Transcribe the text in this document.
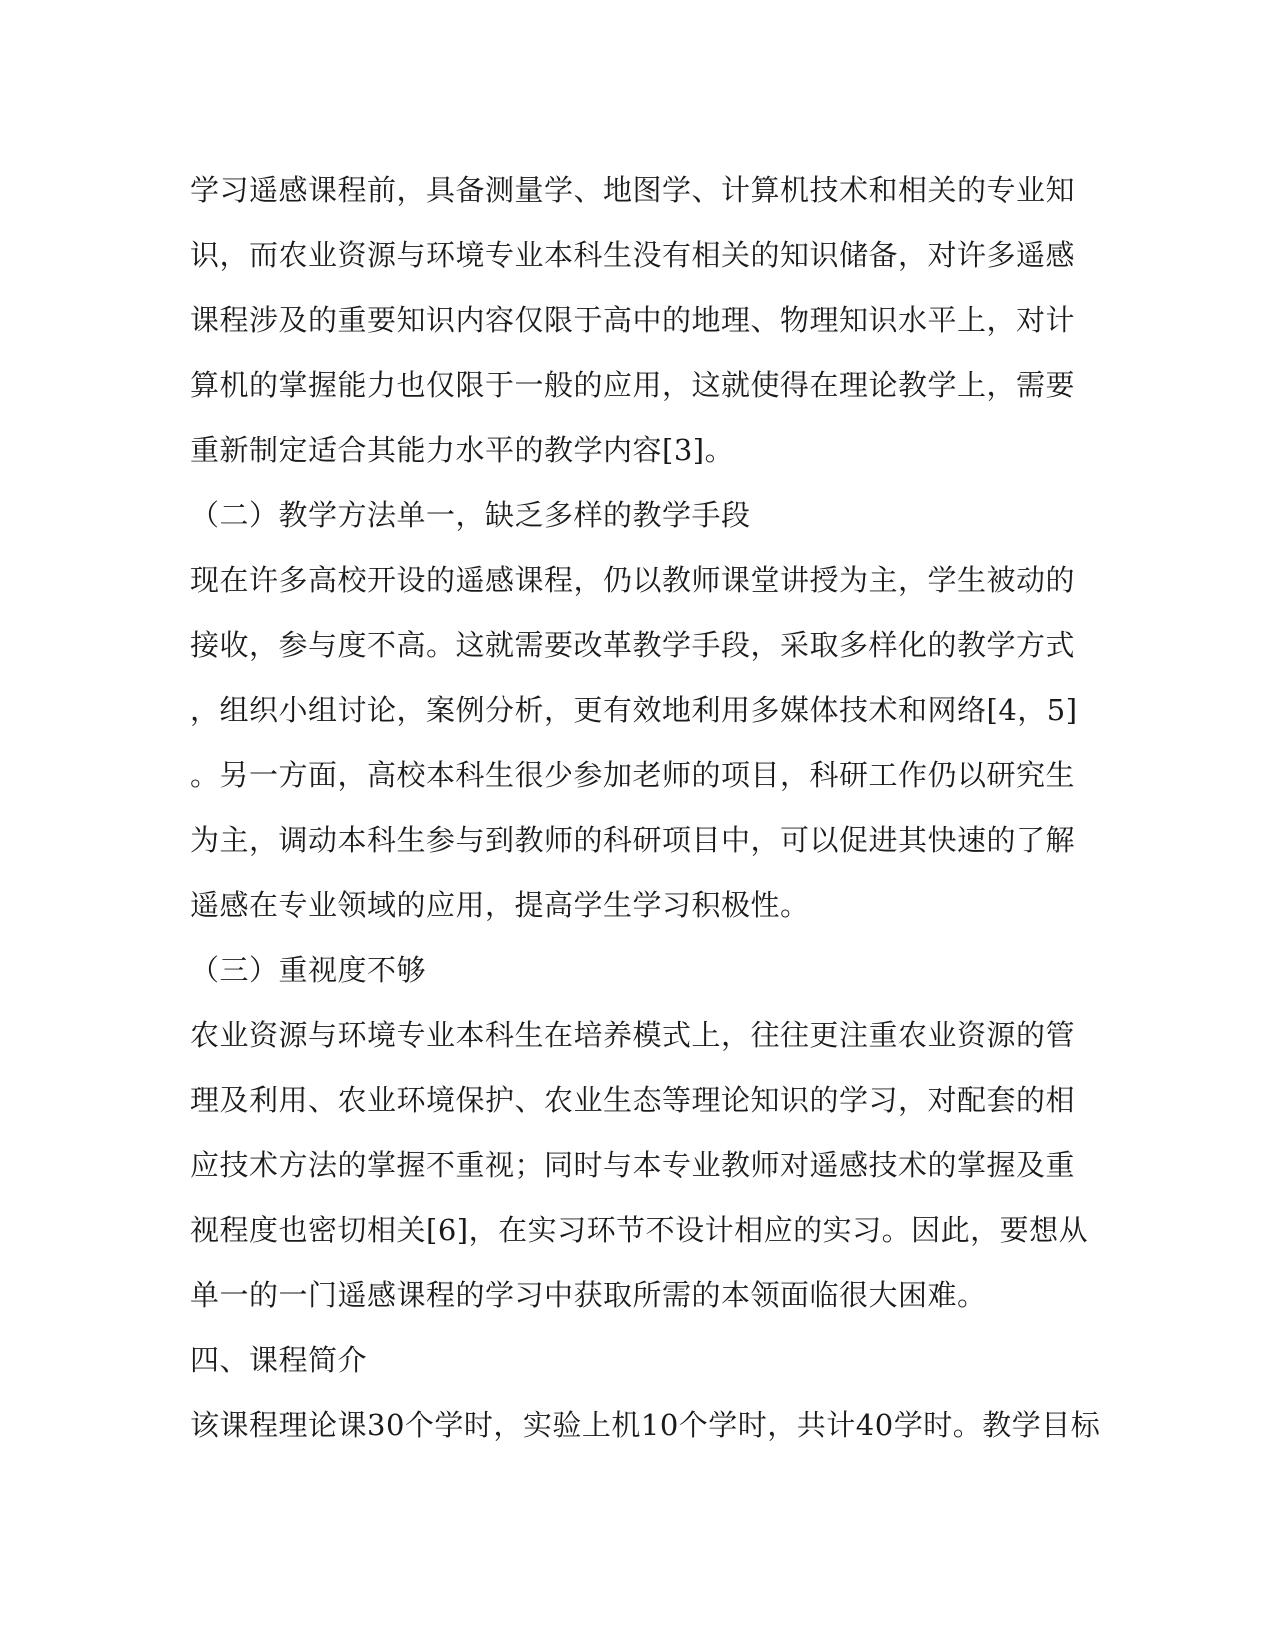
学习遥感课程前，具备测量学、地图学、计算机技术和相关的专业知
识，而农业资源与环境专业本科生没有相关的知识储备，对许多遥感
课程涉及的重要知识内容仅限于高中的地理、物理知识水平上，对计
算机的掌握能力也仅限于一般的应用，这就使得在理论教学上，需要
重新制定适合其能力水平的教学内容[3]。
（二）教学方法单一，缺乏多样的教学手段
现在许多高校开设的遥感课程，仍以教师课堂讲授为主，学生被动的
接收，参与度不高。这就需要改革教学手段，采取多样化的教学方式
，组织小组讨论，案例分析，更有效地利用多媒体技术和网络[4，5]
。另一方面，高校本科生很少参加老师的项目，科研工作仍以研究生
为主，调动本科生参与到教师的科研项目中，可以促进其快速的了解
遥感在专业领域的应用，提高学生学习积极性。
（三）重视度不够
农业资源与环境专业本科生在培养模式上，往往更注重农业资源的管
理及利用、农业环境保护、农业生态等理论知识的学习，对配套的相
应技术方法的掌握不重视；同时与本专业教师对遥感技术的掌握及重
视程度也密切相关[6]，在实习环节不设计相应的实习。因此，要想从
单一的一门遥感课程的学习中获取所需的本领面临很大困难。
四、课程简介
该课程理论课30个学时，实验上机10个学时，共计40学时。教学目标
